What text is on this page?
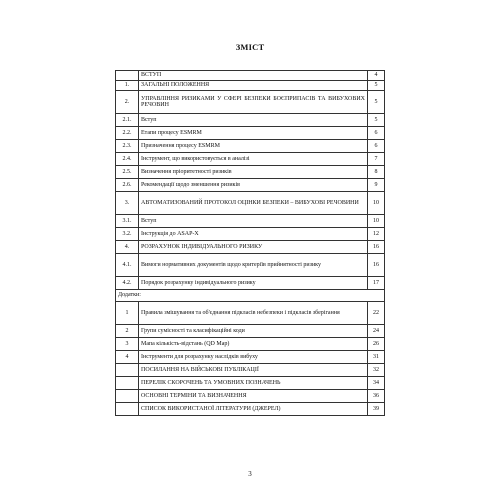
ЗМІСТ
	ВСТУП	4
1.	ЗАГАЛЬНІ ПОЛОЖЕННЯ	5
2.	УПРАВЛІННЯ РИЗИКАМИ У СФЕРІ БЕЗПЕКИ БОЄПРИПАСІВ ТА ВИБУХОВИХ РЕЧОВИН	5
2.1.	Вступ	5
2.2.	Етапи процесу ESMRM	6
2.3.	Призначення процесу ESMRM	6
2.4.	Інструмент, що використовується в аналізі	7
2.5.	Визначення пріоритетності ризиків	8
2.6.	Рекомендації щодо зменшення ризиків	9
3.	АВТОМАТИЗОВАНИЙ ПРОТОКОЛ ОЦІНКИ БЕЗПЕКИ – ВИБУХОВІ РЕЧОВИНИ	10
3.1.	Вступ	10
3.2.	Інструкція до ASAP-X	12
4.	РОЗРАХУНОК ІНДИВІДУАЛЬНОГО РИЗИКУ	16
4.1.	Вимоги нормативних документів щодо критеріїв прийнятності ризику	16
4.2.	Порядок розрахунку індивідуального ризику	17
Додатки:		
1	Правила змішування та об'єднання підкласів небезпеки і підкласів зберігання	22
2	Групи сумісності та класифікаційні коди	24
3	Мапа кількість-відстань (QD Map)	26
4	Інструменти для розрахунку наслідків вибуху	31
	ПОСИЛАННЯ НА ВІЙСЬКОВІ ПУБЛІКАЦІЇ	32
	ПЕРЕЛІК СКОРОЧЕНЬ ТА УМОВНИХ ПОЗНАЧЕНЬ	34
	ОСНОВНІ ТЕРМІНИ ТА ВИЗНАЧЕННЯ	36
	СПИСОК ВИКОРИСТАНОЇ ЛІТЕРАТУРИ (ДЖЕРЕЛ)	39
3
